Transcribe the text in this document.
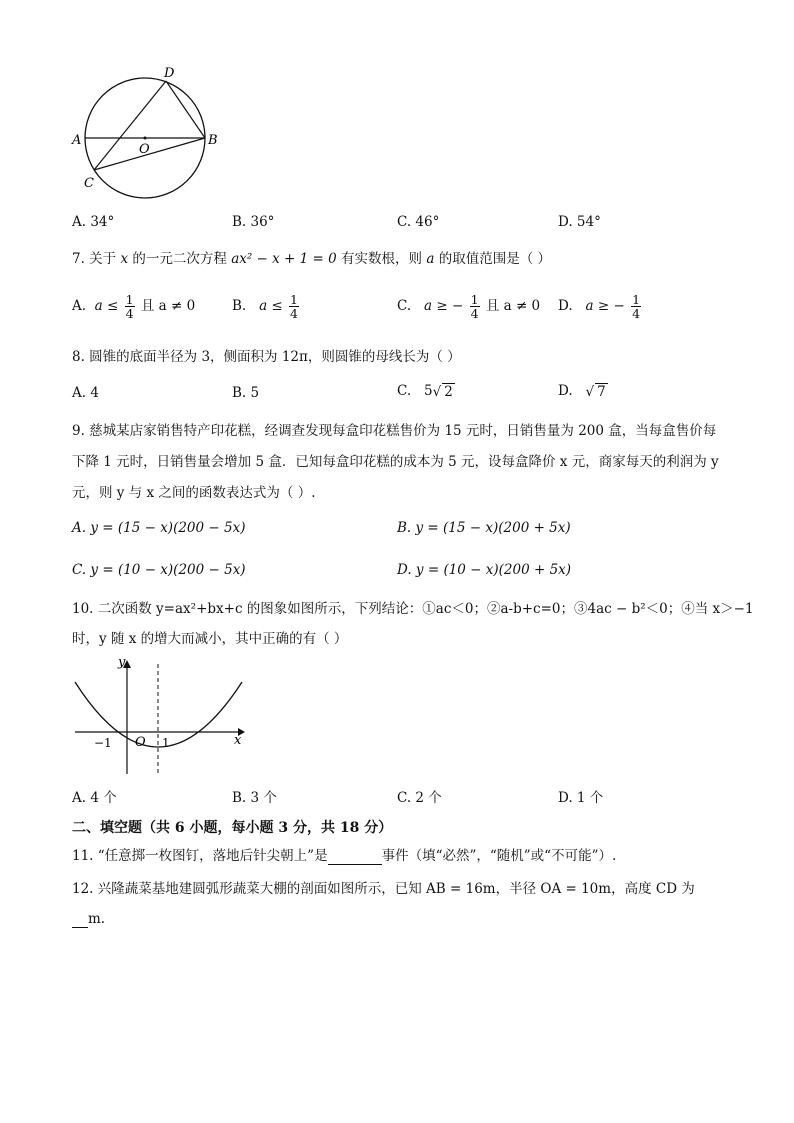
A	B
C
D
O
A. 34°	B. 36°	C. 46°	D. 54°
7. 关于 x 的一元二次方程 ax² − x + 1 = 0 有实数根，则 a 的取值范围是（ ）
A. $a \le \frac{1}{4}$ 且 a ≠ 0	B. $a \le \frac{1}{4}$	C. a ≥ − $\frac{1}{4}$ 且 a ≠ 0 D. a ≥ − $\frac{1}{4}$
8. 圆锥的底面半径为 3，侧面积为 12π，则圆锥的母线长为（ ）
A. 4	B. 5	C. 5√ 2	D. √ 7
9. 慈城某店家销售特产印花糕，经调查发现每盒印花糕售价为 15 元时，日销售量为 200 盒，当每盒售价每
下降 1 元时，日销售量会增加 5 盒．已知每盒印花糕的成本为 5 元，设每盒降价 x 元，商家每天的利润为 y
元，则 y 与 x 之间的函数表达式为（ ）.
A. y = (15 − x)(200 − 5x)	B. y = (15 − x)(200 + 5x)
C. y = (10 − x)(200 − 5x)	D. y = (10 − x)(200 + 5x)
10. 二次函数 y=ax²+bx+c 的图象如图所示，下列结论：①ac＜0；②a-b+c=0；③4ac − b²＜0；④当 x＞−1
时，y 随 x 的增大而减小，其中正确的有（ ）
y
x
O
−1	1
A. 4 个	B. 3 个	C. 2 个	D. 1 个
二、填空题（共 6 小题，每小题 3 分，共 18 分）
11. “任意掷一枚图钉，落地后针尖朝上”是	事件（填“必然”，“随机”或“不可能”）.
12. 兴隆蔬菜基地建圆弧形蔬菜大棚的剖面如图所示，已知 AB = 16m，半径 OA = 10m，高度 CD 为
m.
